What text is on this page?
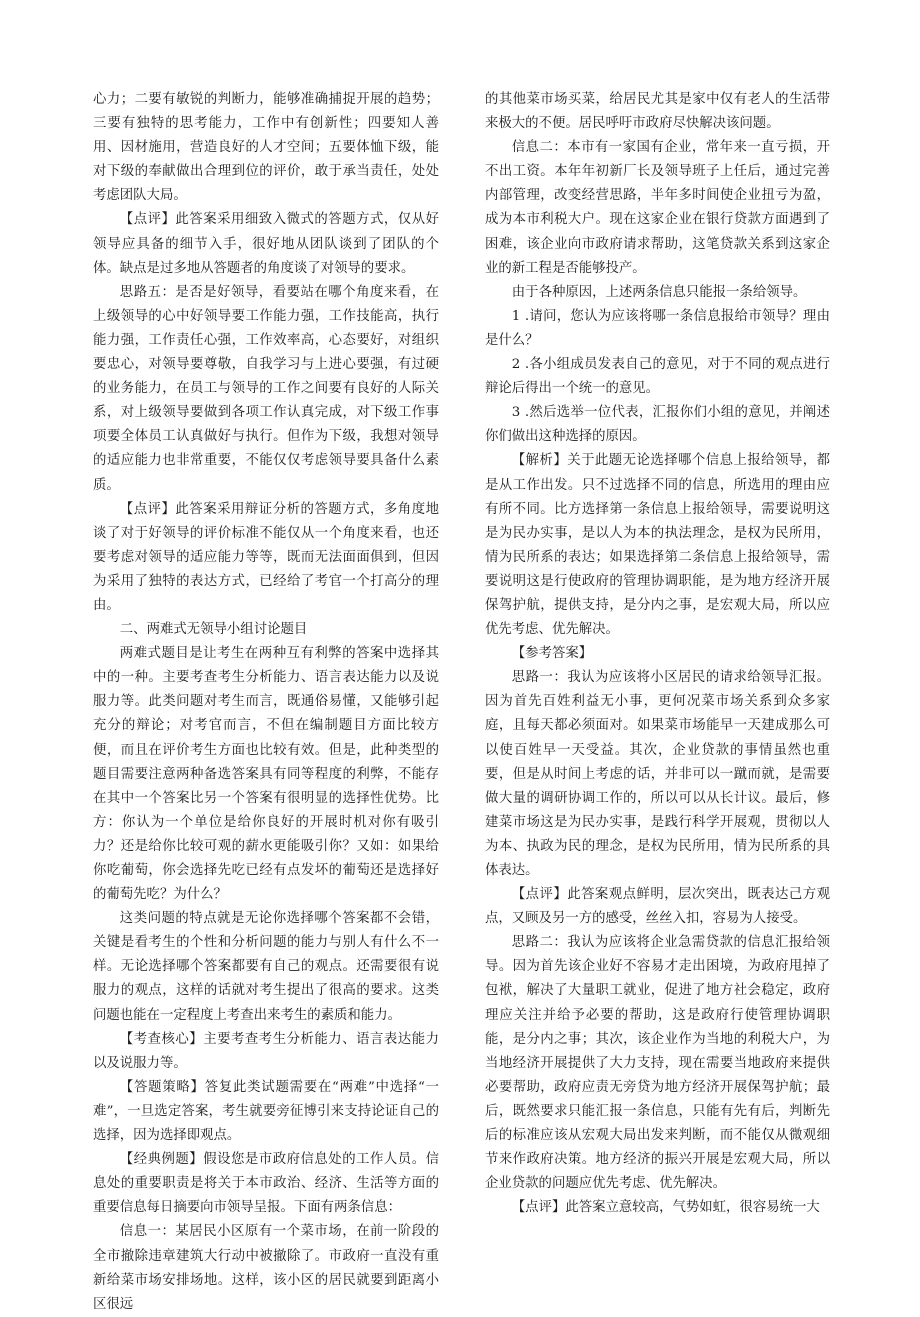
心力；二要有敏锐的判断力，能够准确捕捉开展的趋势；三要有独特的思考能力，工作中有创新性；四要知人善用、因材施用，营造良好的人才空间；五要体恤下级，能对下级的奉献做出合理到位的评价，敢于承当责任，处处考虑团队大局。

【点评】此答案采用细致入微式的答题方式，仅从好领导应具备的细节入手，很好地从团队谈到了团队的个体。缺点是过多地从答题者的角度谈了对领导的要求。

思路五：是否是好领导，看要站在哪个角度来看，在上级领导的心中好领导要工作能力强，工作技能高，执行能力强，工作责任心强，工作效率高，心态要好，对组织要忠心，对领导要尊敬，自我学习与上进心要强，有过硬的业务能力，在员工与领导的工作之间要有良好的人际关系，对上级领导要做到各项工作认真完成，对下级工作事项要全体员工认真做好与执行。但作为下级，我想对领导的适应能力也非常重要，不能仅仅考虑领导要具备什么素质。

【点评】此答案采用辩证分析的答题方式，多角度地谈了对于好领导的评价标准不能仅从一个角度来看，也还要考虑对领导的适应能力等等，既而无法面面俱到，但因为采用了独特的表达方式，已经给了考官一个打高分的理由。

二、两难式无领导小组讨论题目

两难式题目是让考生在两种互有利弊的答案中选择其中的一种。主要考查考生分析能力、语言表达能力以及说服力等。此类问题对考生而言，既通俗易懂，又能够引起充分的辩论；对考官而言，不但在编制题目方面比较方便，而且在评价考生方面也比较有效。但是，此种类型的题目需要注意两种备选答案具有同等程度的利弊，不能存在其中一个答案比另一个答案有很明显的选择性优势。比方：你认为一个单位是给你良好的开展时机对你有吸引力？还是给你比较可观的薪水更能吸引你？又如：如果给你吃葡萄，你会选择先吃已经有点发坏的葡萄还是选择好的葡萄先吃？为什么？

这类问题的特点就是无论你选择哪个答案都不会错，关键是看考生的个性和分析问题的能力与别人有什么不一样。无论选择哪个答案都要有自己的观点。还需要很有说服力的观点，这样的话就对考生提出了很高的要求。这类问题也能在一定程度上考查出来考生的素质和能力。

【考查核心】主要考查考生分析能力、语言表达能力以及说服力等。

【答题策略】答复此类试题需要在“两难”中选择“一难”，一旦选定答案，考生就要旁征博引来支持论证自己的选择，因为选择即观点。

【经典例题】假设您是市政府信息处的工作人员。信息处的重要职责是将关于本市政治、经济、生活等方面的重要信息每日摘要向市领导呈报。下面有两条信息：

信息一：某居民小区原有一个菜市场，在前一阶段的全市撤除违章建筑大行动中被撤除了。市政府一直没有重新给菜市场安排场地。这样，该小区的居民就要到距离小区很远

的其他菜市场买菜，给居民尤其是家中仅有老人的生活带来极大的不便。居民呼吁市政府尽快解决该问题。

信息二：本市有一家国有企业，常年来一直亏损，开不出工资。本年年初新厂长及领导班子上任后，通过完善内部管理，改变经营思路，半年多时间使企业扭亏为盈，成为本市利税大户。现在这家企业在银行贷款方面遇到了困难，该企业向市政府请求帮助，这笔贷款关系到这家企业的新工程是否能够投产。

由于各种原因，上述两条信息只能报一条给领导。

1 .请问，您认为应该将哪一条信息报给市领导？理由是什么？

2 .各小组成员发表自己的意见，对于不同的观点进行辩论后得出一个统一的意见。

3 .然后选举一位代表，汇报你们小组的意见，并阐述你们做出这种选择的原因。

【解析】关于此题无论选择哪个信息上报给领导，都是从工作出发。只不过选择不同的信息，所选用的理由应有所不同。比方选择第一条信息上报给领导，需要说明这是为民办实事，是以人为本的执法理念，是权为民所用，情为民所系的表达；如果选择第二条信息上报给领导，需要说明这是行使政府的管理协调职能，是为地方经济开展保驾护航，提供支持，是分内之事，是宏观大局，所以应优先考虑、优先解决。

【参考答案】

思路一：我认为应该将小区居民的请求给领导汇报。因为首先百姓利益无小事，更何况菜市场关系到众多家庭，且每天都必须面对。如果菜市场能早一天建成那么可以使百姓早一天受益。其次，企业贷款的事情虽然也重要，但是从时间上考虑的话，并非可以一蹴而就，是需要做大量的调研协调工作的，所以可以从长计议。最后，修建菜市场这是为民办实事，是践行科学开展观，贯彻以人为本、执政为民的理念，是权为民所用，情为民所系的具体表达。

【点评】此答案观点鲜明，层次突出，既表达己方观点，又顾及另一方的感受，丝丝入扣，容易为人接受。

思路二：我认为应该将企业急需贷款的信息汇报给领导。因为首先该企业好不容易才走出困境，为政府甩掉了包袱，解决了大量职工就业，促进了地方社会稳定，政府理应关注并给予必要的帮助，这是政府行使管理协调职能，是分内之事；其次，该企业作为当地的利税大户，为当地经济开展提供了大力支持，现在需要当地政府来提供必要帮助，政府应责无旁贷为地方经济开展保驾护航；最后，既然要求只能汇报一条信息，只能有先有后，判断先后的标准应该从宏观大局出发来判断，而不能仅从微观细节来作政府决策。地方经济的振兴开展是宏观大局，所以企业贷款的问题应优先考虑、优先解决。

【点评】此答案立意较高，气势如虹，很容易统一大
